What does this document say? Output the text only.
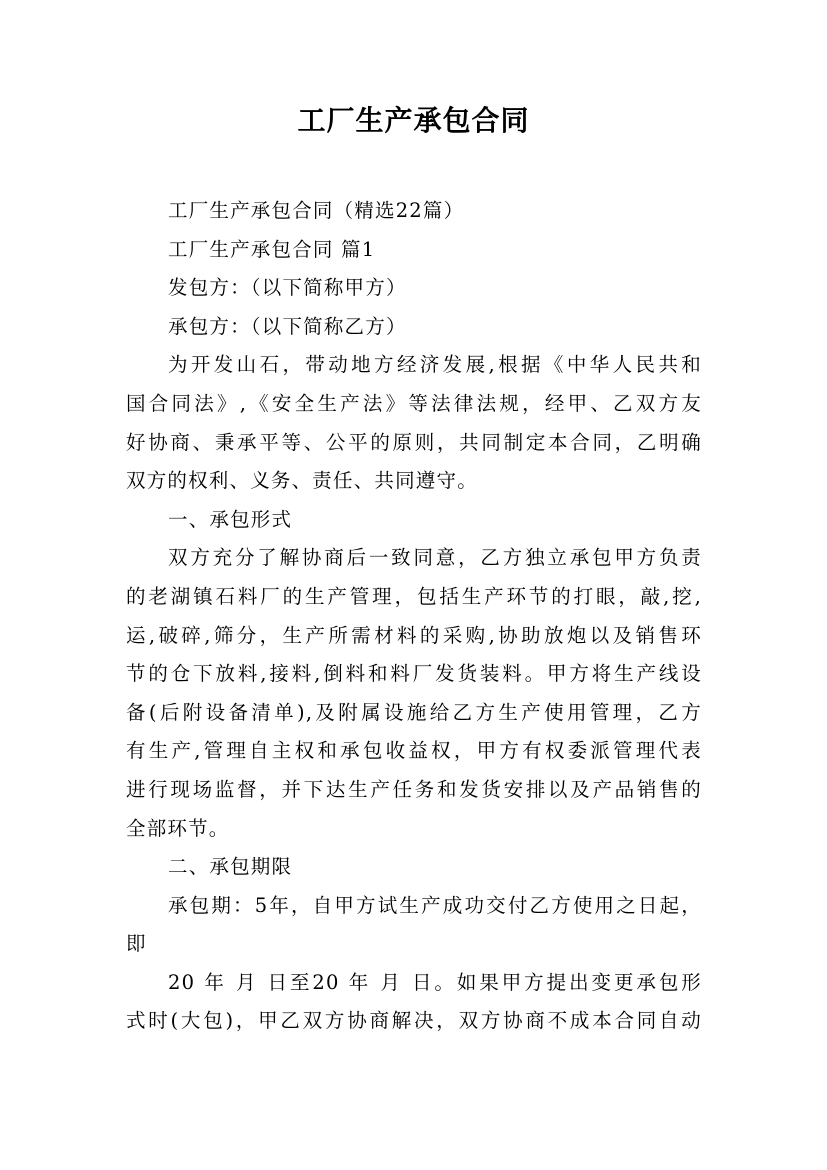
工厂生产承包合同
工厂生产承包合同（精选22篇）
工厂生产承包合同 篇1
发包方：（以下简称甲方）
承包方：（以下简称乙方）
为开发山石，带动地方经济发展,根据《中华人民共和
国合同法》,《安全生产法》等法律法规，经甲、乙双方友
好协商、秉承平等、公平的原则，共同制定本合同，乙明确
双方的权利、义务、责任、共同遵守。
一、承包形式
双方充分了解协商后一致同意，乙方独立承包甲方负责
的老湖镇石料厂的生产管理，包括生产环节的打眼，敲,挖,
运,破碎,筛分，生产所需材料的采购,协助放炮以及销售环
节的仓下放料,接料,倒料和料厂发货装料。甲方将生产线设
备(后附设备清单),及附属设施给乙方生产使用管理，乙方
有生产,管理自主权和承包收益权，甲方有权委派管理代表
进行现场监督，并下达生产任务和发货安排以及产品销售的
全部环节。
二、承包期限
承包期：5年，自甲方试生产成功交付乙方使用之日起，
即
20 年 月 日至20 年 月 日。如果甲方提出变更承包形
式时(大包)，甲乙双方协商解决，双方协商不成本合同自动
